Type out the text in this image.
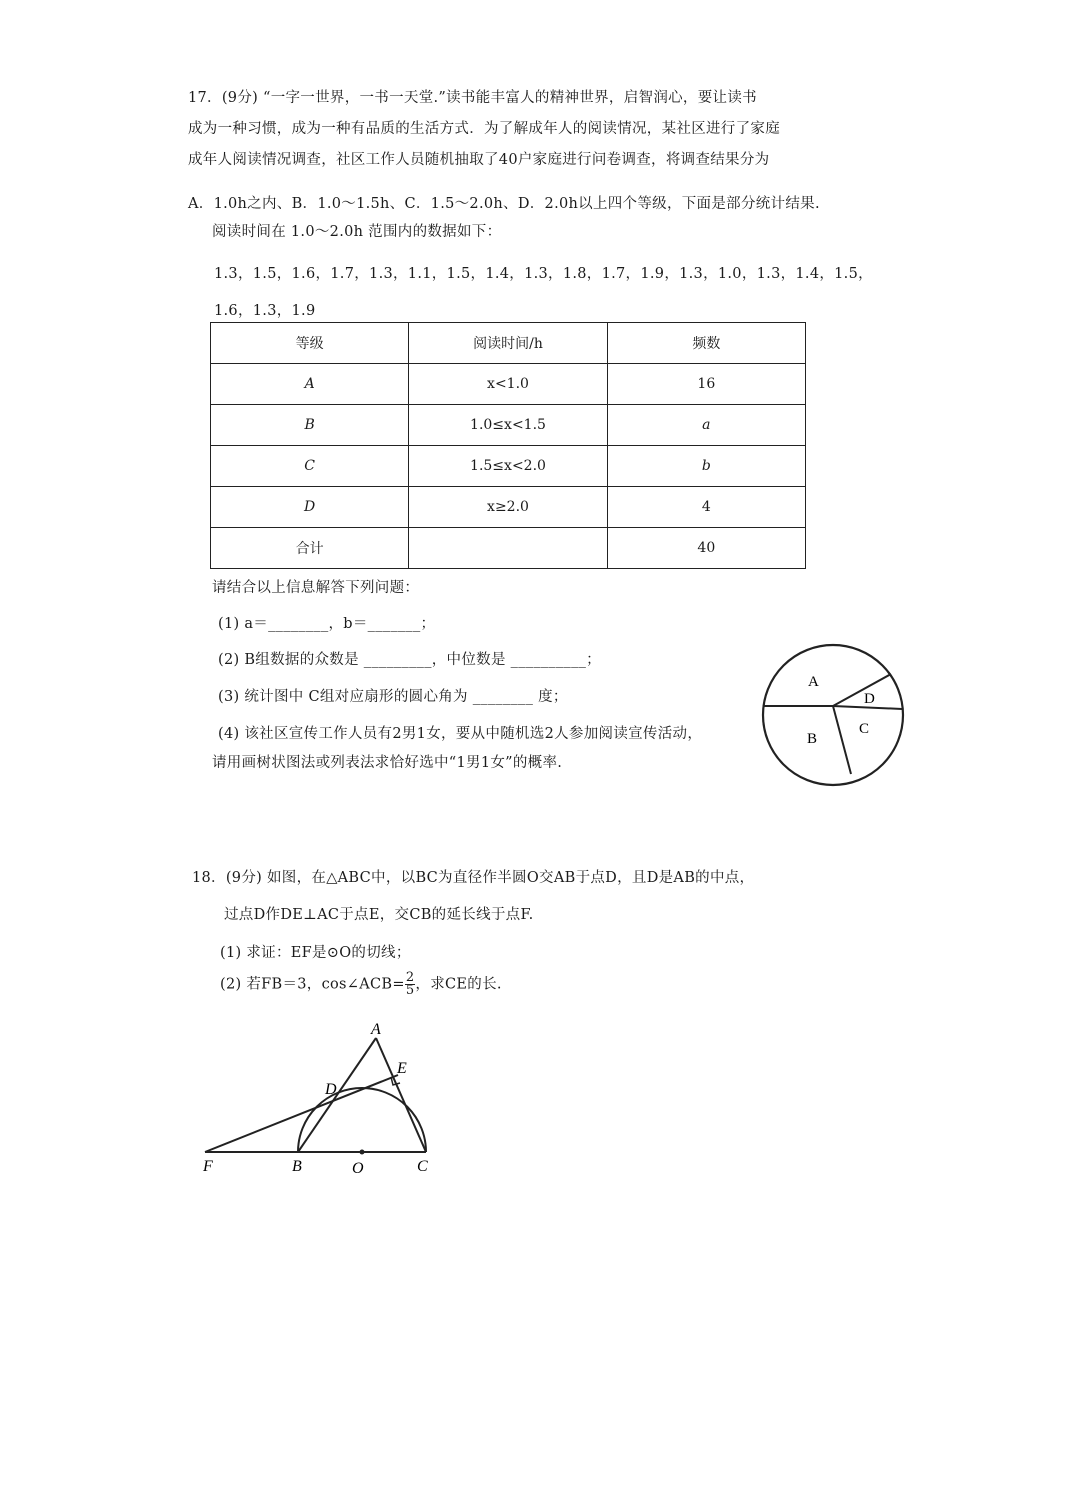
17．(9分) “一字一世界，一书一天堂.”读书能丰富人的精神世界，启智润心，要让读书
成为一种习惯，成为一种有品质的生活方式．为了解成年人的阅读情况，某社区进行了家庭
成年人阅读情况调查，社区工作人员随机抽取了40户家庭进行问卷调查，将调查结果分为
A．1.0h之内、B．1.0～1.5h、C．1.5～2.0h、D．2.0h以上四个等级，下面是部分统计结果.
阅读时间在 1.0～2.0h 范围内的数据如下：
1.3，1.5，1.6，1.7，1.3，1.1，1.5，1.4，1.3，1.8，1.7，1.9，1.3，1.0，1.3，1.4，1.5，
1.6，1.3，1.9
等级	阅读时间/h	频数
A	x<1.0	16
B	1.0≤x<1.5	a
C	1.5≤x<2.0	b
D	x≥2.0	4
合计		40
请结合以上信息解答下列问题：
(1) a＝________，b＝_______；
(2) B组数据的众数是 _________，中位数是 __________；
(3) 统计图中 C组对应扇形的圆心角为 ________ 度；
(4) 该社区宣传工作人员有2男1女，要从中随机选2人参加阅读宣传活动，
请用画树状图法或列表法求恰好选中“1男1女”的概率.
A
B
C
D
18．(9分) 如图，在△ABC中，以BC为直径作半圆O交AB于点D，且D是AB的中点，
过点D作DE⊥AC于点E，交CB的延长线于点F.
(1) 求证：EF是⊙O的切线；
(2) 若FB＝3，cos∠ACB= $\frac{2}{5}$ ，求CE的长.
A
E
D
F	B	O	C
